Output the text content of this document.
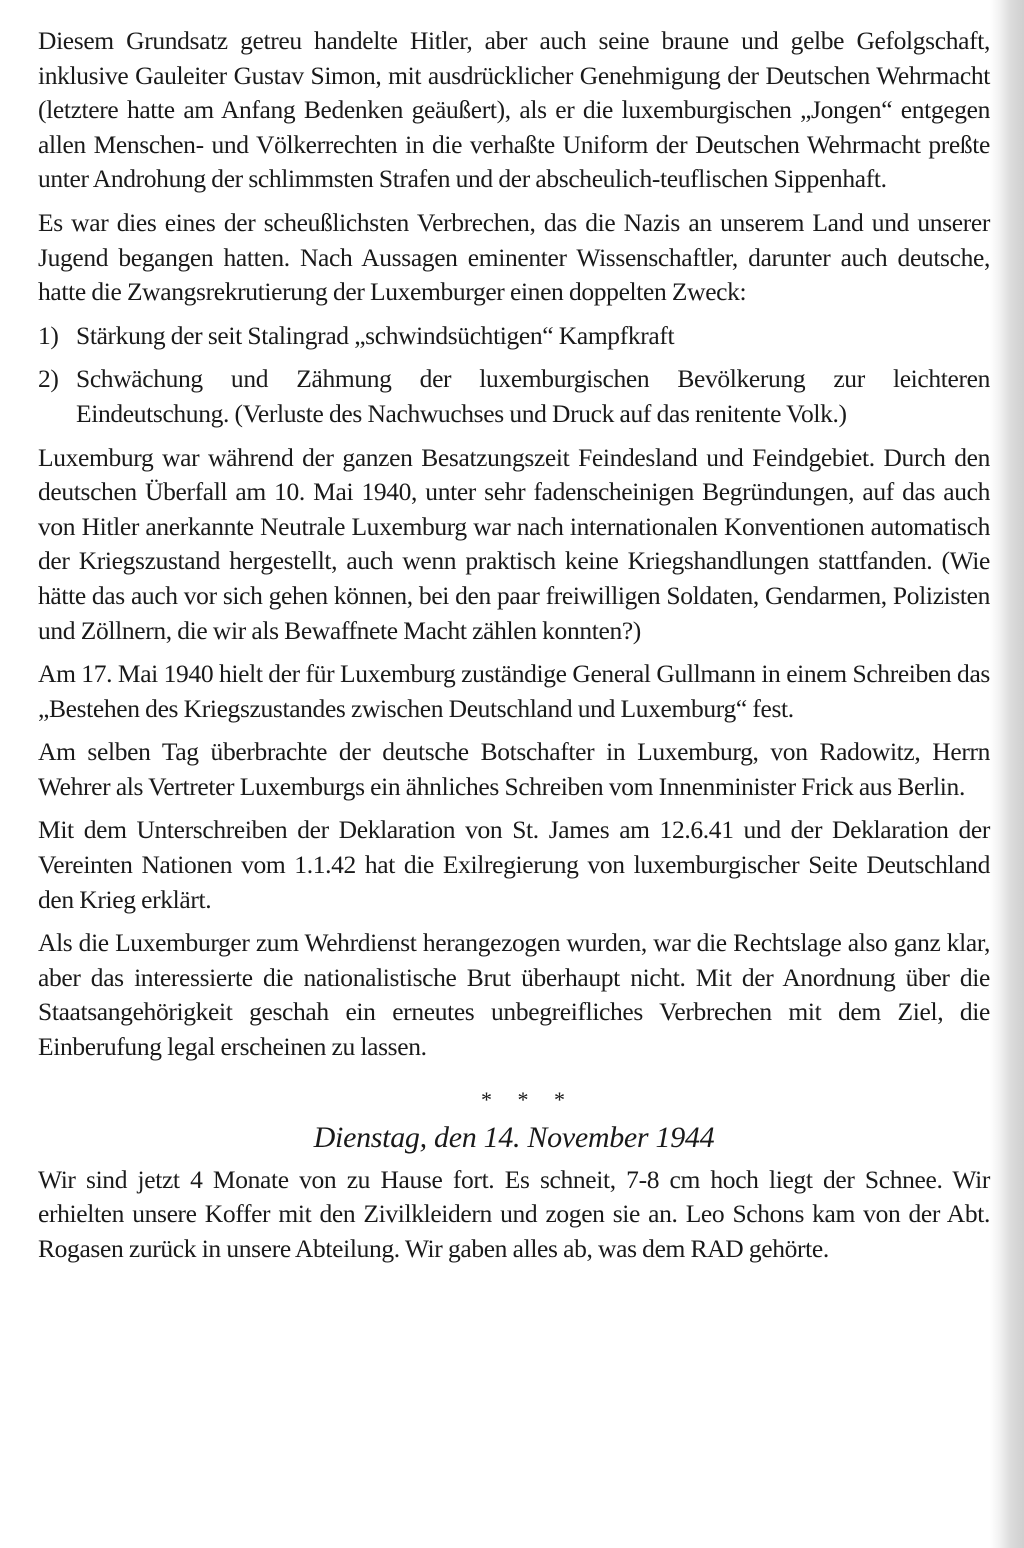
Diesem Grundsatz getreu handelte Hitler, aber auch seine braune und gelbe Gefolgschaft, inklusive Gauleiter Gustav Simon, mit ausdrücklicher Genehmigung der Deutschen Wehrmacht (letztere hatte am Anfang Bedenken geäußert), als er die luxemburgischen „Jongen“ entgegen allen Menschen- und Völkerrechten in die verhaßte Uniform der Deutschen Wehrmacht preßte unter Androhung der schlimmsten Strafen und der abscheulich-teuflischen Sippenhaft.

Es war dies eines der scheußlichsten Verbrechen, das die Nazis an unserem Land und unserer Jugend begangen hatten. Nach Aussagen eminenter Wissenschaftler, darunter auch deutsche, hatte die Zwangsrekrutierung der Luxemburger einen doppelten Zweck:

1) Stärkung der seit Stalingrad „schwindsüchtigen“ Kampfkraft
2) Schwächung und Zähmung der luxemburgischen Bevölkerung zur leichteren Eindeutschung. (Verluste des Nachwuchses und Druck auf das renitente Volk.)

Luxemburg war während der ganzen Besatzungszeit Feindesland und Feindgebiet. Durch den deutschen Überfall am 10. Mai 1940, unter sehr fadenscheinigen Begründungen, auf das auch von Hitler anerkannte Neutrale Luxemburg war nach internationalen Konventionen automatisch der Kriegszustand hergestellt, auch wenn praktisch keine Kriegshandlungen stattfanden. (Wie hätte das auch vor sich gehen können, bei den paar freiwilligen Soldaten, Gendarmen, Polizisten und Zöllnern, die wir als Bewaffnete Macht zählen konnten?)

Am 17. Mai 1940 hielt der für Luxemburg zuständige General Gullmann in einem Schreiben das „Bestehen des Kriegszustandes zwischen Deutschland und Luxemburg“ fest.

Am selben Tag überbrachte der deutsche Botschafter in Luxemburg, von Radowitz, Herrn Wehrer als Vertreter Luxemburgs ein ähnliches Schreiben vom Innenminister Frick aus Berlin.

Mit dem Unterschreiben der Deklaration von St. James am 12.6.41 und der Deklaration der Vereinten Nationen vom 1.1.42 hat die Exilregierung von luxemburgischer Seite Deutschland den Krieg erklärt.

Als die Luxemburger zum Wehrdienst herangezogen wurden, war die Rechtslage also ganz klar, aber das interessierte die nationalistische Brut überhaupt nicht. Mit der Anordnung über die Staatsangehörigkeit geschah ein erneutes unbegreifliches Verbrechen mit dem Ziel, die Einberufung legal erscheinen zu lassen.

* * *
Dienstag, den 14. November 1944

Wir sind jetzt 4 Monate von zu Hause fort. Es schneit, 7-8 cm hoch liegt der Schnee. Wir erhielten unsere Koffer mit den Zivilkleidern und zogen sie an. Leo Schons kam von der Abt. Rogasen zurück in unsere Abteilung. Wir gaben alles ab, was dem RAD gehörte.
